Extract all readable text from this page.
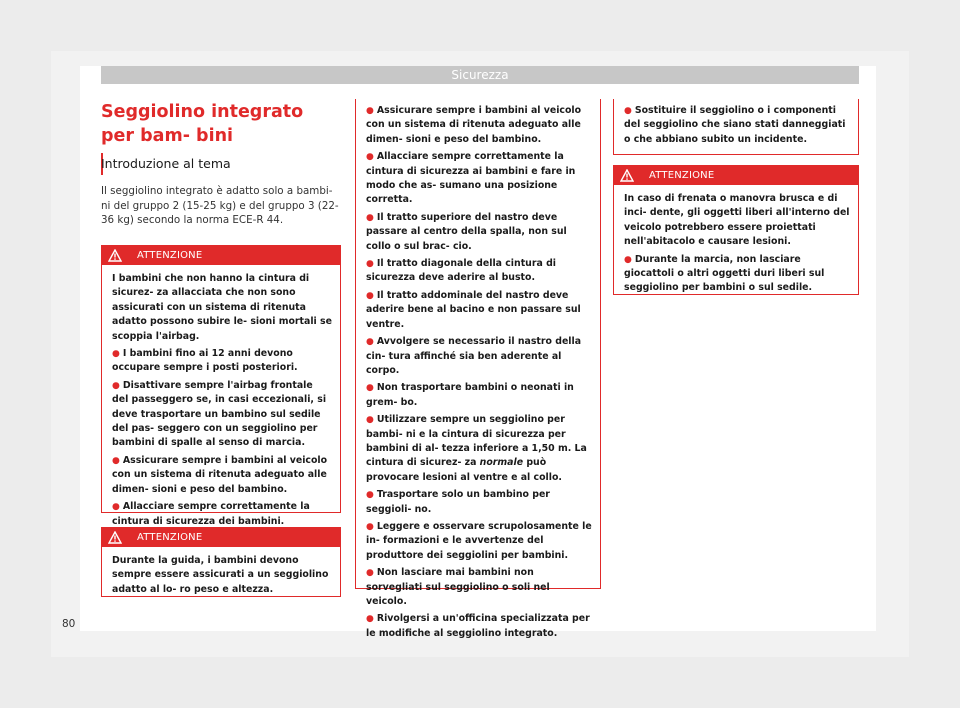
Sicurezza
Seggiolino integrato per bam- bini
Introduzione al tema
Il seggiolino integrato è adatto solo a bambi- ni del gruppo 2 (15-25 kg) e del gruppo 3 (22-36 kg) secondo la norma ECE-R 44.
ATTENZIONE

I bambini che non hanno la cintura di sicurez- za allacciata che non sono assicurati con un sistema di ritenuta adatto possono subire le- sioni mortali se scoppia l'airbag.

● I bambini fino ai 12 anni devono occupare sempre i posti posteriori.

● Disattivare sempre l'airbag frontale del passeggero se, in casi eccezionali, si deve trasportare un bambino sul sedile del pas- seggero con un seggiolino per bambini di spalle al senso di marcia.

● Assicurare sempre i bambini al veicolo con un sistema di ritenuta adeguato alle dimen- sioni e peso del bambino.

● Allacciare sempre correttamente la cintura di sicurezza dei bambini.

ATTENZIONE

Durante la guida, i bambini devono sempre essere assicurati a un seggiolino adatto al lo- ro peso e altezza.

● Assicurare sempre i bambini al veicolo con un sistema di ritenuta adeguato alle dimen- sioni e peso del bambino.

● Allacciare sempre correttamente la cintura di sicurezza ai bambini e fare in modo che as- sumano una posizione corretta.

● Il tratto superiore del nastro deve passare al centro della spalla, non sul collo o sul brac- cio.

● Il tratto diagonale della cintura di sicurezza deve aderire al busto.

● Il tratto addominale del nastro deve aderire bene al bacino e non passare sul ventre.

● Avvolgere se necessario il nastro della cin- tura affinché sia ben aderente al corpo.

● Non trasportare bambini o neonati in grem- bo.

● Utilizzare sempre un seggiolino per bambi- ni e la cintura di sicurezza per bambini di al- tezza inferiore a 1,50 m. La cintura di sicurez- za normale può provocare lesioni al ventre e al collo.

● Trasportare solo un bambino per seggioli- no.

● Leggere e osservare scrupolosamente le in- formazioni e le avvertenze del produttore dei seggiolini per bambini.

● Non lasciare mai bambini non sorvegliati sul seggiolino o soli nel veicolo.

● Rivolgersi a un'officina specializzata per le modifiche al seggiolino integrato.

● Sostituire il seggiolino o i componenti del seggiolino che siano stati danneggiati o che abbiano subito un incidente.

ATTENZIONE

In caso di frenata o manovra brusca e di inci- dente, gli oggetti liberi all'interno del veicolo potrebbero essere proiettati nell'abitacolo e causare lesioni.

● Durante la marcia, non lasciare giocattoli o altri oggetti duri liberi sul seggiolino per bambini o sul sedile.

80
